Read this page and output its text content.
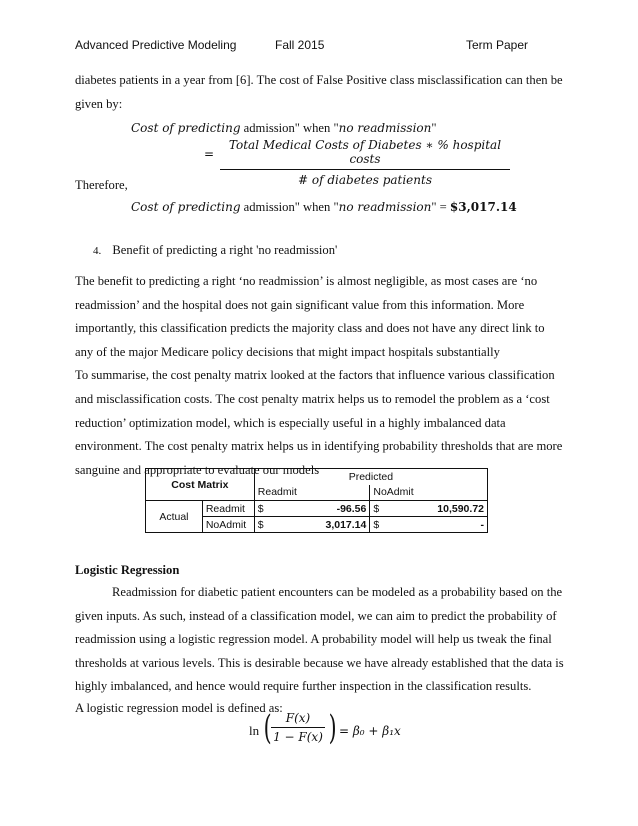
Advanced Predictive Modeling	Fall 2015	Term Paper
diabetes patients in a year from [6]. The cost of False Positive class misclassification can then be
given by:
Cost of predicting admission" when "no readmission"
=
Total Medical Costs of Diabetes ∗ % hospital costs
# of diabetes patients
Therefore,
Cost of predicting admission" when "no readmission" = $3,017.14
4. Benefit of predicting a right 'no readmission'
The benefit to predicting a right ‘no readmission’ is almost negligible, as most cases are ‘no
readmission’ and the hospital does not gain significant value from this information. More
importantly, this classification predicts the majority class and does not have any direct link to
any of the major Medicare policy decisions that might impact hospitals substantially
To summarise, the cost penalty matrix looked at the factors that influence various classification
and misclassification costs. The cost penalty matrix helps us to remodel the problem as a ‘cost
reduction’ optimization model, which is especially useful in a highly imbalanced data
environment. The cost penalty matrix helps us in identifying probability thresholds that are more
sanguine and appropriate to evaluate our models
Cost Matrix		Predicted			
		Readmit		NoAdmit	
Actual	Readmit	$	-96.56	$	10,590.72
	NoAdmit	$	3,017.14	$	-
Logistic Regression
Readmission for diabetic patient encounters can be modeled as a probability based on the
given inputs. As such, instead of a classification model, we can aim to predict the probability of
readmission using a logistic regression model. A probability model will help us tweak the final
thresholds at various levels. This is desirable because we have already established that the data is
highly imbalanced, and hence would require further inspection in the classification results.
A logistic regression model is defined as:
ln (	F(x)
1 − F(x) ) = β₀ + β₁x
